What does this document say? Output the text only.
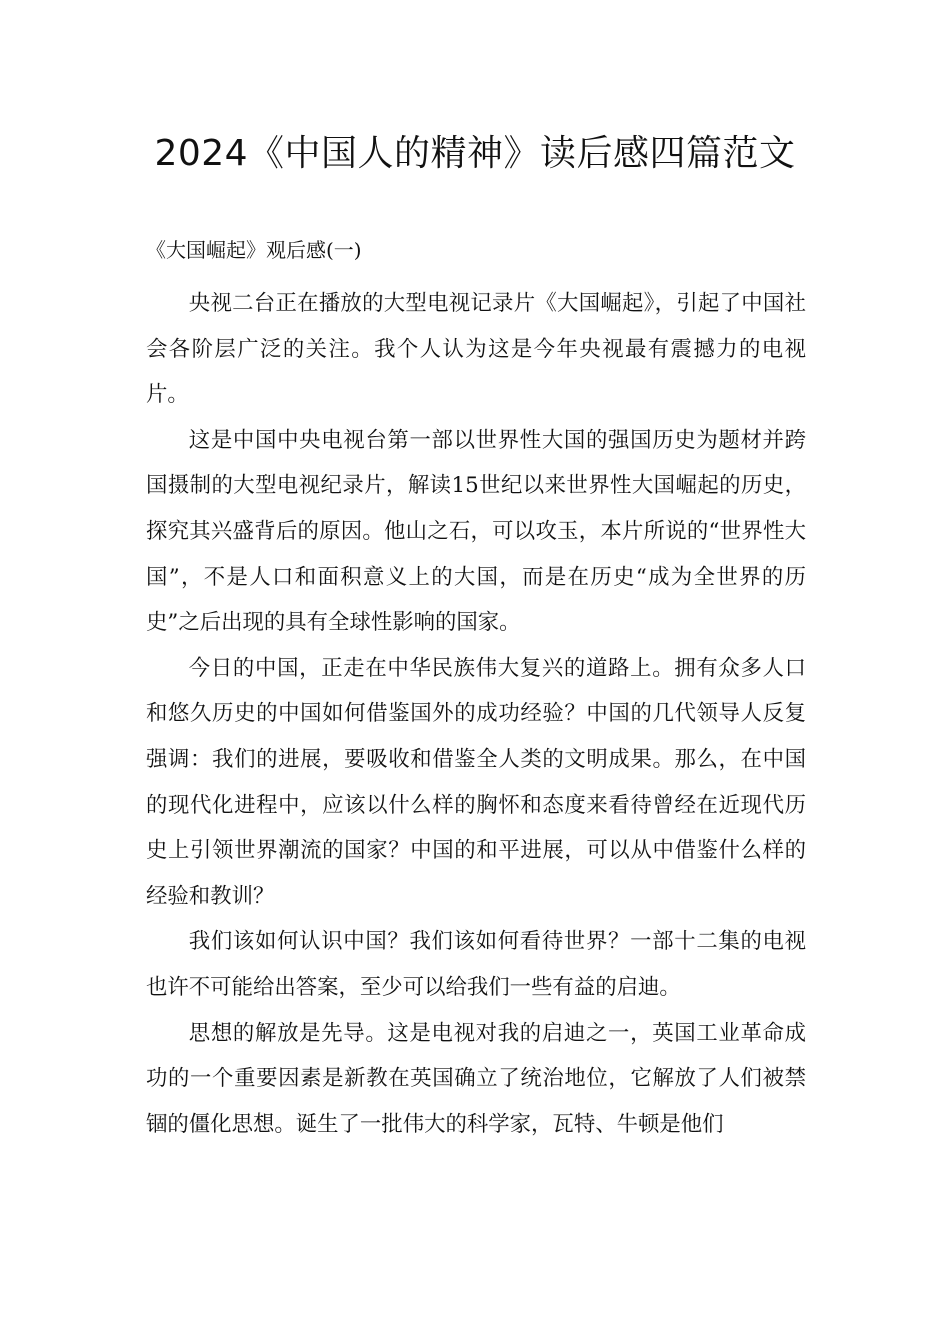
2024《中国人的精神》读后感四篇范文

《大国崛起》观后感(一)

央视二台正在播放的大型电视记录片《大国崛起》，引起了中国社会各阶层广泛的关注。我个人认为这是今年央视最有震撼力的电视片。

这是中国中央电视台第一部以世界性大国的强国历史为题材并跨国摄制的大型电视纪录片，解读15世纪以来世界性大国崛起的历史，探究其兴盛背后的原因。他山之石，可以攻玉，本片所说的“世界性大国”，不是人口和面积意义上的大国，而是在历史“成为全世界的历史”之后出现的具有全球性影响的国家。

今日的中国，正走在中华民族伟大复兴的道路上。拥有众多人口和悠久历史的中国如何借鉴国外的成功经验？中国的几代领导人反复强调：我们的进展，要吸收和借鉴全人类的文明成果。那么，在中国的现代化进程中，应该以什么样的胸怀和态度来看待曾经在近现代历史上引领世界潮流的国家？中国的和平进展，可以从中借鉴什么样的经验和教训？

我们该如何认识中国？我们该如何看待世界？一部十二集的电视也许不可能给出答案，至少可以给我们一些有益的启迪。

思想的解放是先导。这是电视对我的启迪之一，英国工业革命成功的一个重要因素是新教在英国确立了统治地位，它解放了人们被禁锢的僵化思想。诞生了一批伟大的科学家，瓦特、牛顿是他们
